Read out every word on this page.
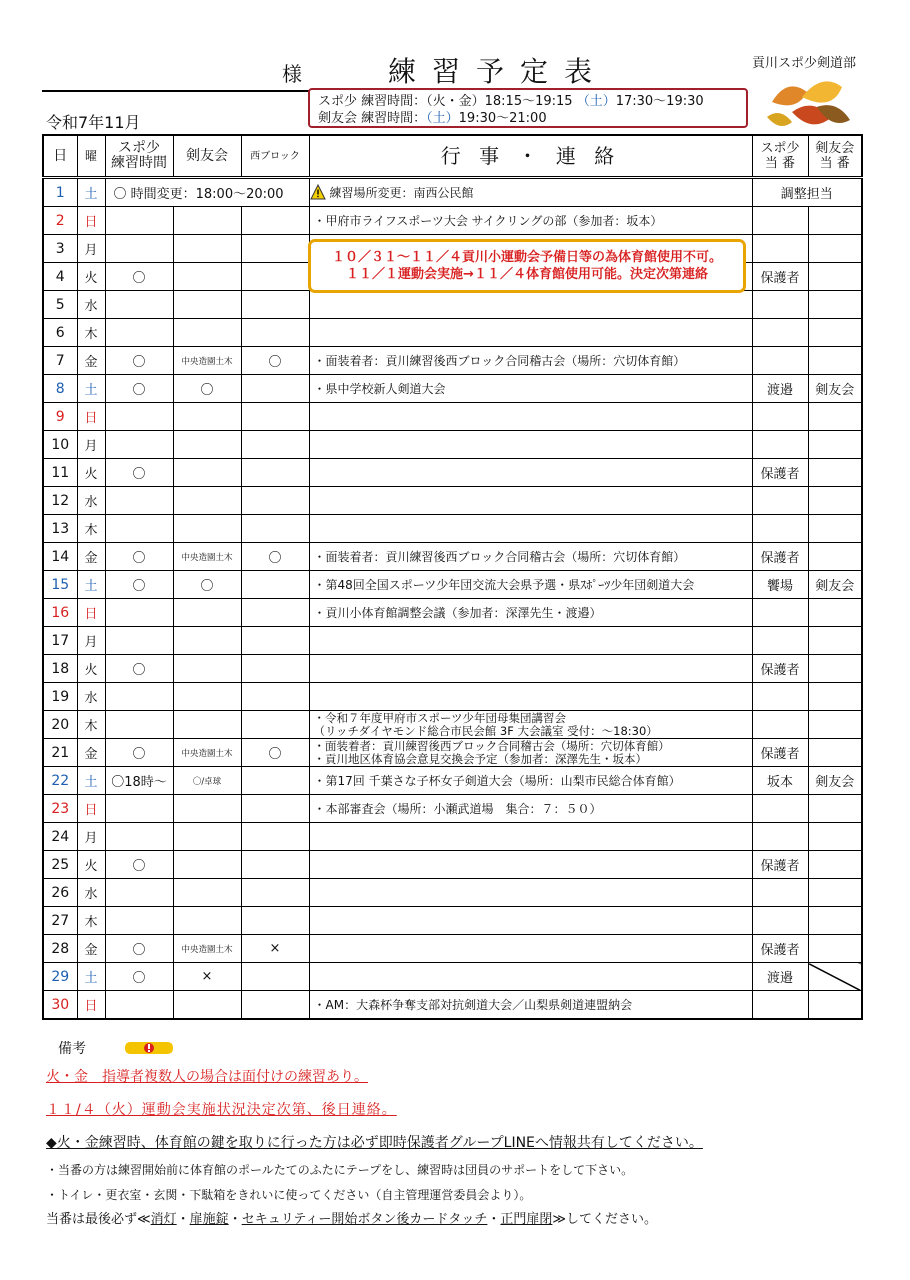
様	練習予定表	貢川スポ少剣道部
令和7年11月
スポ少 練習時間：（火・金）18:15～19:15 （土）17:30～19:30
剣友会 練習時間：（土）19:30～21:00
日	曜	スポ少
練習時間	剣友会	西ブロック	行 事 ・ 連 絡	スポ少
当 番	剣友会
当 番
1	土	〇 時間変更：18:00～20:00			練習場所変更：南西公民館	調整担当	
2	日				・甲府市ライフスポーツ大会 サイクリングの部（参加者：坂本）		
3	月						
4	火	〇				保護者	
5	水						
6	木						
7	金	〇	中央造園土木	〇	・面装着者：貢川練習後西ブロック合同稽古会（場所：穴切体育館）		
8	土	〇	〇		・県中学校新人剣道大会	渡邉	剣友会
9	日						
10	月						
11	火	〇				保護者	
12	水						
13	木						
14	金	〇	中央造園土木	〇	・面装着者：貢川練習後西ブロック合同稽古会（場所：穴切体育館）	保護者	
15	土	〇	〇		・第48回全国スポーツ少年団交流大会県予選・県ｽﾎﾟｰﾂ少年団剣道大会	饗場	剣友会
16	日				・貢川小体育館調整会議（参加者：深澤先生・渡邉）		
17	月						
18	火	〇				保護者	
19	水						
20	木				・令和７年度甲府市スポーツ少年団母集団講習会
（リッチダイヤモンド総合市民会館 3F 大会議室 受付：～18:30）		

21	金	〇	中央造園土木	〇	・面装着者：貢川練習後西ブロック合同稽古会（場所：穴切体育館）
・貢川地区体育協会意見交換会予定（参加者：深澤先生・坂本）	保護者	
22	土	〇18時～	〇/卓球		・第17回 千葉さな子杯女子剣道大会（場所：山梨市民総合体育館）	坂本	剣友会
23	日				・本部審査会（場所：小瀬武道場　集合：７：５０）		
24	月						
25	火	〇				保護者	
26	水						
27	木						
28	金	〇	中央造園土木	×		保護者	
29	土	〇	×			渡邉	
30	日				・AM：大森杯争奪支部対抗剣道大会／山梨県剣道連盟納会		
１０／３１～１１／４貢川小運動会予備日等の為体育館使用不可。
１１／１運動会実施→１１／４体育館使用可能。決定次第連絡
備考
火・金　指導者複数人の場合は面付けの練習あり。
１１/４（火）運動会実施状況決定次第、後日連絡。
◆火・金練習時、体育館の鍵を取りに行った方は必ず即時保護者グループLINEへ情報共有してください。
・当番の方は練習開始前に体育館のポールたてのふたにテープをし、練習時は団員のサポートをして下さい。
・トイレ・更衣室・玄関・下駄箱をきれいに使ってください（自主管理運営委員会より）。
当番は最後必ず≪消灯・扉施錠・セキュリティー開始ボタン後カードタッチ・正門扉閉≫してください。
